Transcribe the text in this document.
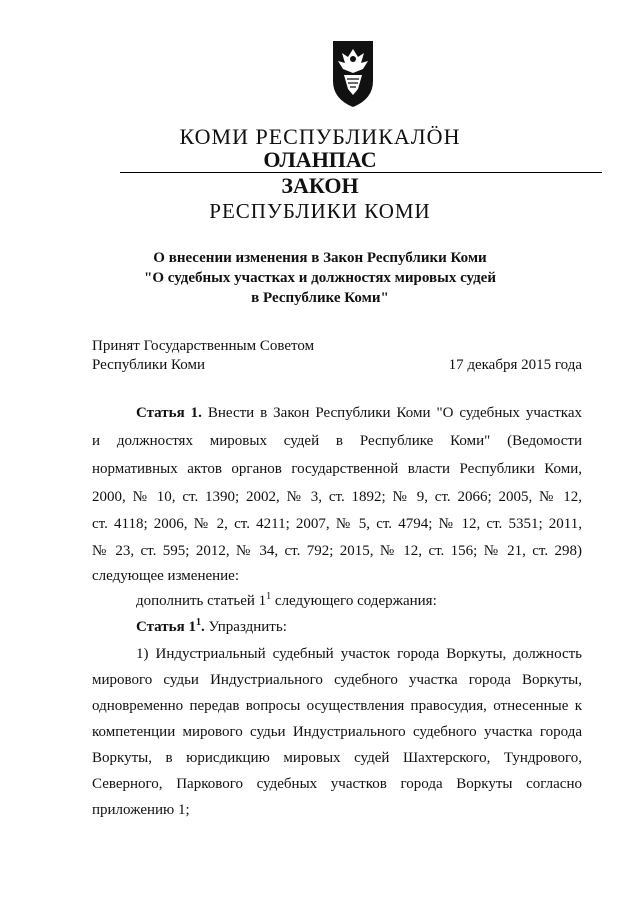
КОМИ РЕСПУБЛИКАЛÖН
ОЛАНПАС
ЗАКОН
РЕСПУБЛИКИ КОМИ
О внесении изменения в Закон Республики Коми
"О судебных участках и должностях мировых судей
в Республике Коми"
Принят Государственным Советом
Республики Коми	17 декабря 2015 года
Статья 1. Внести в Закон Республики Коми "О судебных участках
и должностях мировых судей в Республике Коми" (Ведомости
нормативных актов органов государственной власти Республики Коми,
2000, № 10, ст. 1390; 2002, № 3, ст. 1892; № 9, ст. 2066; 2005, № 12,
ст. 4118; 2006, № 2, ст. 4211; 2007, № 5, ст. 4794; № 12, ст. 5351; 2011,
№ 23, ст. 595; 2012, № 34, ст. 792; 2015, № 12, ст. 156; № 21, ст. 298)
следующее изменение:
дополнить статьей $1^1$ следующего содержания:
Статья $1^1$. Упразднить:
1) Индустриальный судебный участок города Воркуты, должность
мирового судьи Индустриального судебного участка города Воркуты,
одновременно передав вопросы осуществления правосудия, отнесенные к
компетенции мирового судьи Индустриального судебного участка города
Воркуты, в юрисдикцию мировых судей Шахтерского, Тундрового,
Северного, Паркового судебных участков города Воркуты согласно
приложению 1;
